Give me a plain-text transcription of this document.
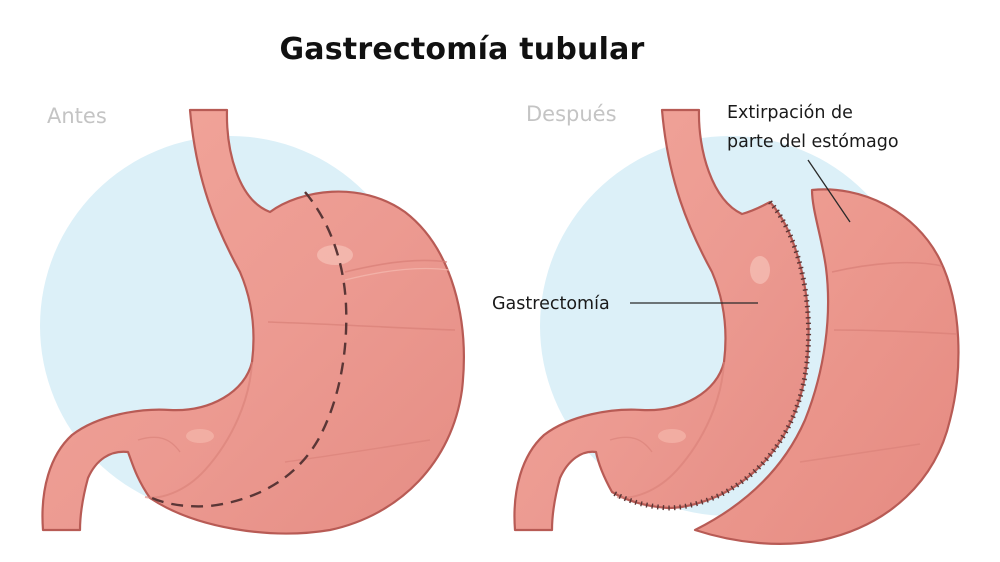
Gastrectomía tubular
Antes	Después	Extirpación de
parte del estómago
Gastrectomía
